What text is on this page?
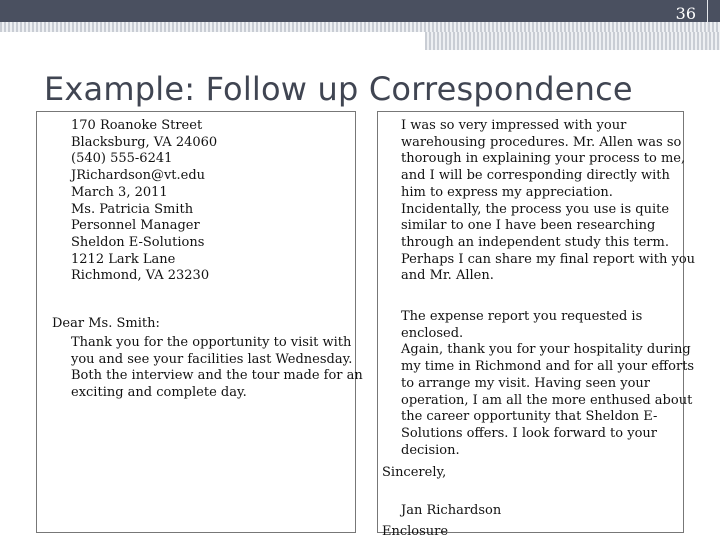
36
Example: Follow up Correspondence
170 Roanoke Street
Blacksburg, VA 24060
(540) 555-6241
JRichardson@vt.edu
March 3, 2011
Ms. Patricia Smith
Personnel Manager
Sheldon E-Solutions
1212 Lark Lane
Richmond, VA 23230
Dear Ms. Smith:
Thank you for the opportunity to visit with
you and see your facilities last Wednesday.
Both the interview and the tour made for an
exciting and complete day.
I was so very impressed with your
warehousing procedures. Mr. Allen was so
thorough in explaining your process to me,
and I will be corresponding directly with
him to express my appreciation.
Incidentally, the process you use is quite
similar to one I have been researching
through an independent study this term.
Perhaps I can share my final report with you
and Mr. Allen.
The expense report you requested is
enclosed.
Again, thank you for your hospitality during
my time in Richmond and for all your efforts
to arrange my visit. Having seen your
operation, I am all the more enthused about
the career opportunity that Sheldon E-
Solutions offers. I look forward to your
decision.
Sincerely,
Jan Richardson
Enclosure
